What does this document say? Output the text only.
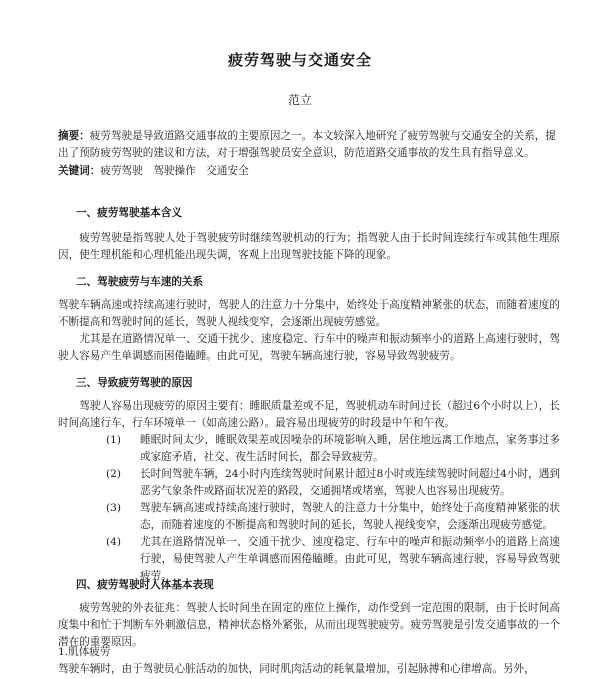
疲劳驾驶与交通安全
范立
摘要：疲劳驾驶是导致道路交通事故的主要原因之一。本文较深入地研究了疲劳驾驶与交通安全的关系，提出了预防疲劳驾驶的建议和方法，对于增强驾驶员安全意识，防范道路交通事故的发生具有指导意义。
关键词：疲劳驾驶　驾驶操作　交通安全
一、疲劳驾驶基本含义
疲劳驾驶是指驾驶人处于驾驶疲劳时继续驾驶机动的行为；指驾驶人由于长时间连续行车或其他生理原因，使生理机能和心理机能出现失调，客观上出现驾驶技能下降的现象。
二、驾驶疲劳与车速的关系
驾驶车辆高速或持续高速行驶时，驾驶人的注意力十分集中，始终处于高度精神紧张的状态，而随着速度的不断提高和驾驶时间的延长，驾驶人视线变窄，会逐渐出现疲劳感觉。
尤其是在道路情况单一、交通干扰少、速度稳定、行车中的噪声和振动频率小的道路上高速行驶时，驾驶人容易产生单调感而困倦瞌睡。由此可见，驾驶车辆高速行驶，容易导致驾驶疲劳。
三、导致疲劳驾驶的原因
驾驶人容易出现疲劳的原因主要有：睡眠质量差或不足，驾驶机动车时间过长（超过6个小时以上），长时间高速行车，行车环境单一（如高速公路）。最容易出现疲劳的时段是中午和午夜。
(1) 睡眠时间太少，睡眠效果差或因噪杂的环境影响入睡，居住地远离工作地点，家务事过多或家庭矛盾，社交、夜生活时间长，都会导致疲劳。
(2) 长时间驾驶车辆，24小时内连续驾驶时间累计超过8小时或连续驾驶时间超过4小时，遇到恶劣气象条件或路面状况差的路段，交通拥堵或堵塞，驾驶人也容易出现疲劳。
(3) 驾驶车辆高速或持续高速行驶时，驾驶人的注意力十分集中，始终处于高度精神紧张的状态，而随着速度的不断提高和驾驶时间的延长，驾驶人视线变窄，会逐渐出现疲劳感觉。
(4) 尤其在道路情况单一、交通干扰少、速度稳定、行车中的噪声和振动频率小的道路上高速行驶，易使驾驶人产生单调感而困倦瞌睡。由此可见，驾驶车辆高速行驶，容易导致驾驶疲劳。
四、疲劳驾驶时人体基本表现
疲劳驾驶的外表征兆：驾驶人长时间坐在固定的座位上操作，动作受到一定范围的限制，由于长时间高度集中和忙于判断车外刺激信息，精神状态格外紧张，从而出现驾驶疲劳。疲劳驾驶是引发交通事故的一个潜在的重要原因。
1.肌体疲劳
驾驶车辆时，由于驾驶员心脏活动的加快，同时肌肉活动的耗氧量增加，引起脉搏和心律增高。另外，
